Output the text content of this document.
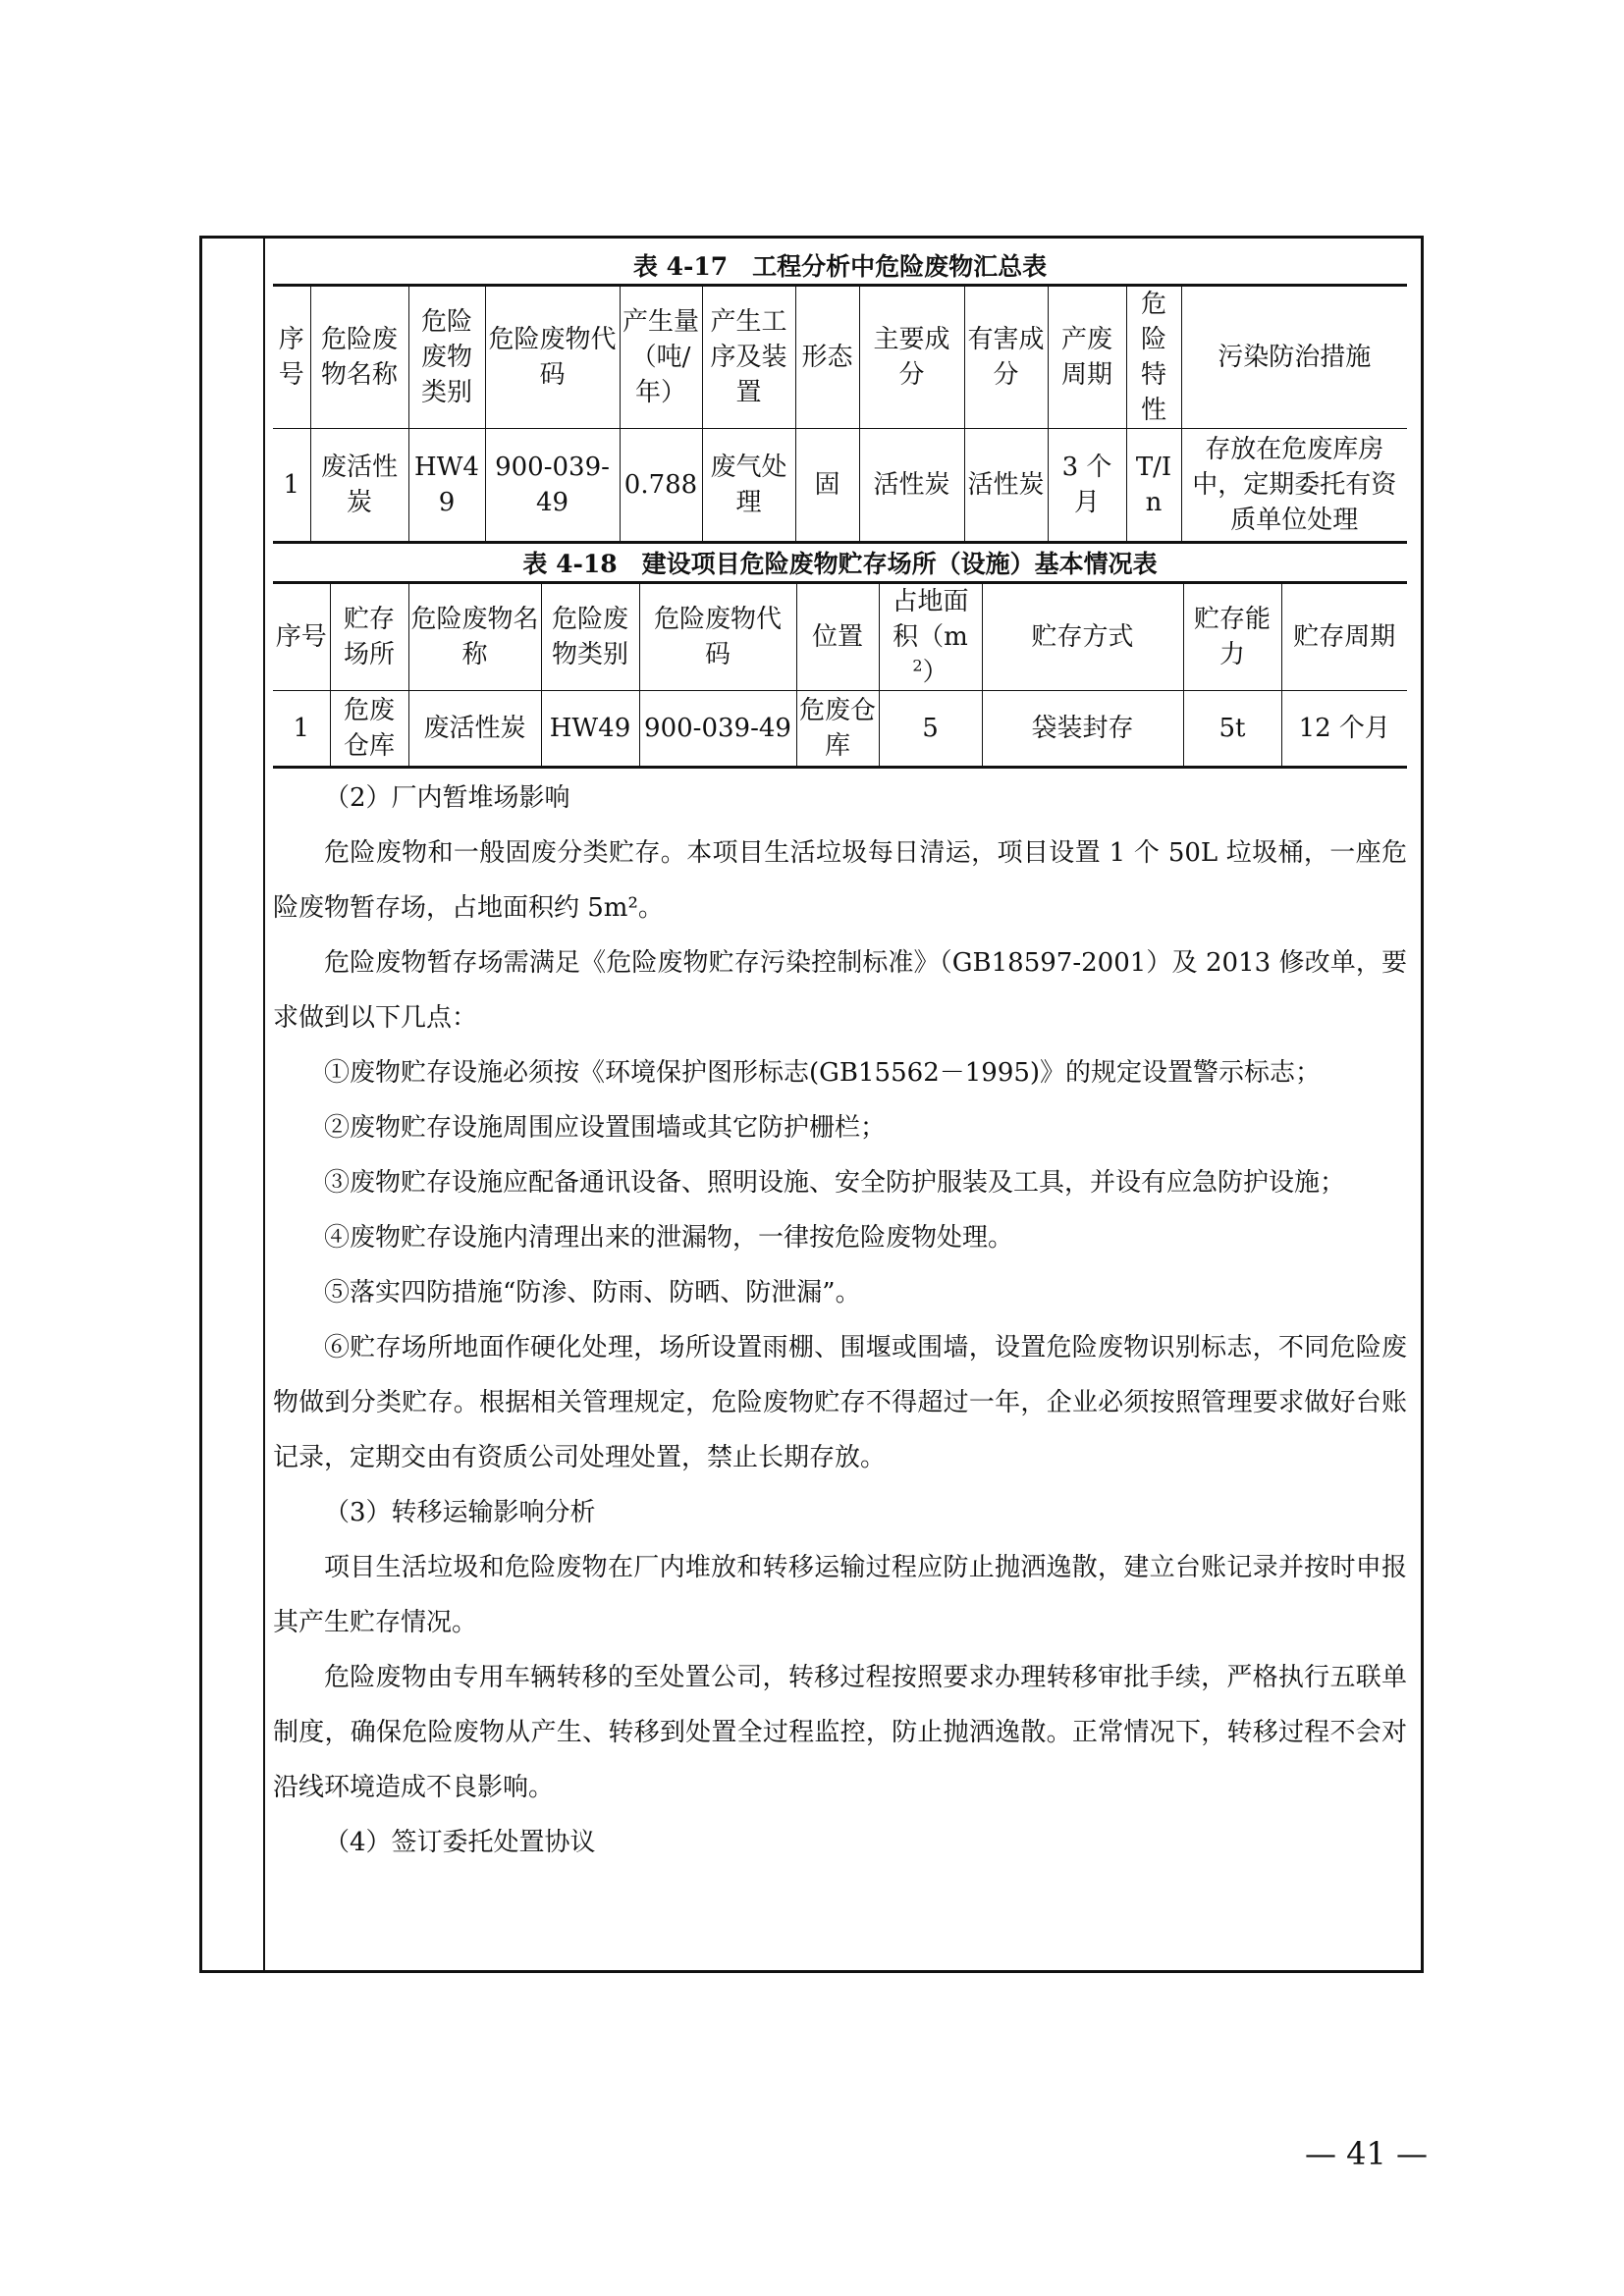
表 4-17　工程分析中危险废物汇总表

序号	危险废物名称	危险废物类别	危险废物代码	产生量（吨/年）	产生工序及装置	形态	主要成分	有害成分	产废周期	危险特性	污染防治措施
1	废活性炭	HW49	900-039-49	0.788	废气处理	固	活性炭	活性炭	3 个月	T/In	存放在危废库房中，定期委托有资质单位处理

表 4-18　建设项目危险废物贮存场所（设施）基本情况表

序号	贮存场所	危险废物名称	危险废物类别	危险废物代码	位置	占地面积$(m^2)$	贮存方式	贮存能力	贮存周期
1	危废仓库	废活性炭	HW49	900-039-49	危废仓库	5	袋装封存	5t	12 个月

（2）厂内暂堆场影响

危险废物和一般固废分类贮存。本项目生活垃圾每日清运，项目设置 1 个 50L 垃圾桶，一座危险废物暂存场，占地面积约 5m²。

危险废物暂存场需满足《危险废物贮存污染控制标准》（GB18597-2001）及 2013 修改单，要求做到以下几点：

①废物贮存设施必须按《环境保护图形标志(GB15562－1995)》的规定设置警示标志；

②废物贮存设施周围应设置围墙或其它防护栅栏；

③废物贮存设施应配备通讯设备、照明设施、安全防护服装及工具，并设有应急防护设施；

④废物贮存设施内清理出来的泄漏物，一律按危险废物处理。

⑤落实四防措施“防渗、防雨、防晒、防泄漏”。

⑥贮存场所地面作硬化处理，场所设置雨棚、围堰或围墙，设置危险废物识别标志，不同危险废物做到分类贮存。根据相关管理规定，危险废物贮存不得超过一年，企业必须按照管理要求做好台账记录，定期交由有资质公司处理处置，禁止长期存放。

（3）转移运输影响分析

项目生活垃圾和危险废物在厂内堆放和转移运输过程应防止抛洒逸散，建立台账记录并按时申报其产生贮存情况。

危险废物由专用车辆转移的至处置公司，转移过程按照要求办理转移审批手续，严格执行五联单制度，确保危险废物从产生、转移到处置全过程监控，防止抛洒逸散。正常情况下，转移过程不会对沿线环境造成不良影响。

（4）签订委托处置协议

— 41 —
